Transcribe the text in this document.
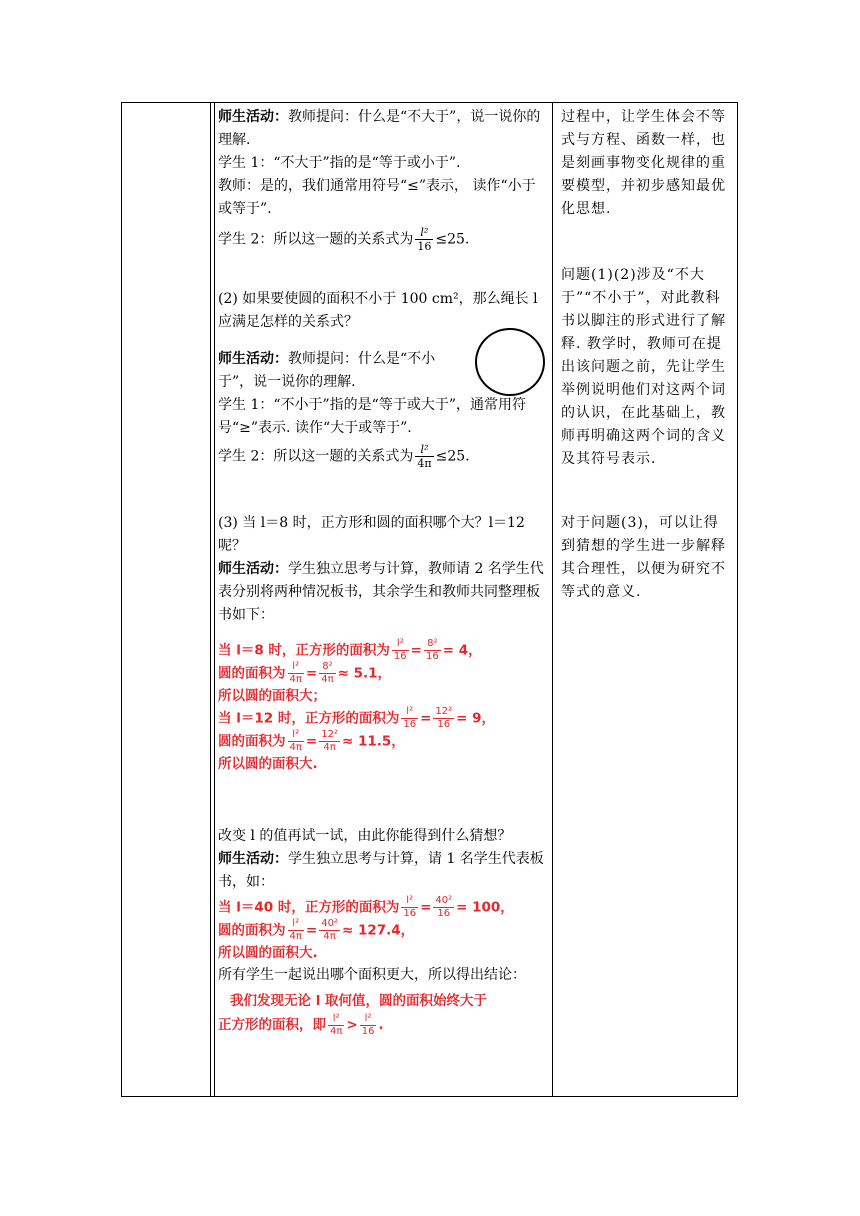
师生活动：教师提问：什么是“不大于”，说一说你的理解.

学生 1：“不大于”指的是“等于或小于”.

教师：是的，我们通常用符号“≤”表示， 读作“小于或等于”.

学生 2：所以这一题的关系式为 $\frac{\text{l²}}{16} \le 25$.

(2) 如果要使圆的面积不小于 100 cm²，那么绳长 l 应满足怎样的关系式？

师生活动：教师提问：什么是“不小于”，说一说你的理解.

学生 1：“不小于”指的是“等于或大于”，通常用符号“≥”表示. 读作“大于或等于”.

学生 2：所以这一题的关系式为 $\frac{\text{l²}}{4\pi} \le 25$.

(3) 当 l＝8 时，正方形和圆的面积哪个大？l＝12 呢？

师生活动：学生独立思考与计算，教师请 2 名学生代表分别将两种情况板书，其余学生和教师共同整理板书如下：

当 l＝8 时，正方形的面积为 $\frac{\text{l²}}{16} = \frac{\text{8²}}{16} = 4$，

圆的面积为 $\frac{\text{l²}}{4\pi} = \frac{\text{8²}}{4\pi} \approx 5.1$，

所以圆的面积大；

当 l＝12 时，正方形的面积为 $\frac{\text{l²}}{16} = \frac{\text{12²}}{16} = 9$，

圆的面积为 $\frac{\text{l²}}{4\pi} = \frac{\text{12²}}{4\pi} \approx 11.5$，

所以圆的面积大.

改变 l 的值再试一试，由此你能得到什么猜想？

师生活动：学生独立思考与计算，请 1 名学生代表板书，如：

当 l＝40 时，正方形的面积为 $\frac{\text{l²}}{16} = \frac{\text{40²}}{16} = 100$，

圆的面积为 $\frac{\text{l²}}{4\pi} = \frac{\text{40²}}{4\pi} \approx 127.4$，

所以圆的面积大.

所有学生一起说出哪个面积更大，所以得出结论：

我们发现无论 l 取何值，圆的面积始终大于

正方形的面积，即 $\frac{\text{l²}}{4\pi} > \frac{\text{l²}}{16}$ .

过程中，让学生体会不等式与方程、函数一样，也是刻画事物变化规律的重要模型，并初步感知最优化思想.

问题(1)(2)涉及“不大于”“不小于”，对此教科书以脚注的形式进行了解释. 教学时，教师可在提出该问题之前，先让学生举例说明他们对这两个词的认识，在此基础上，教师再明确这两个词的含义及其符号表示.

对于问题(3)，可以让得到猜想的学生进一步解释其合理性，以便为研究不等式的意义.
